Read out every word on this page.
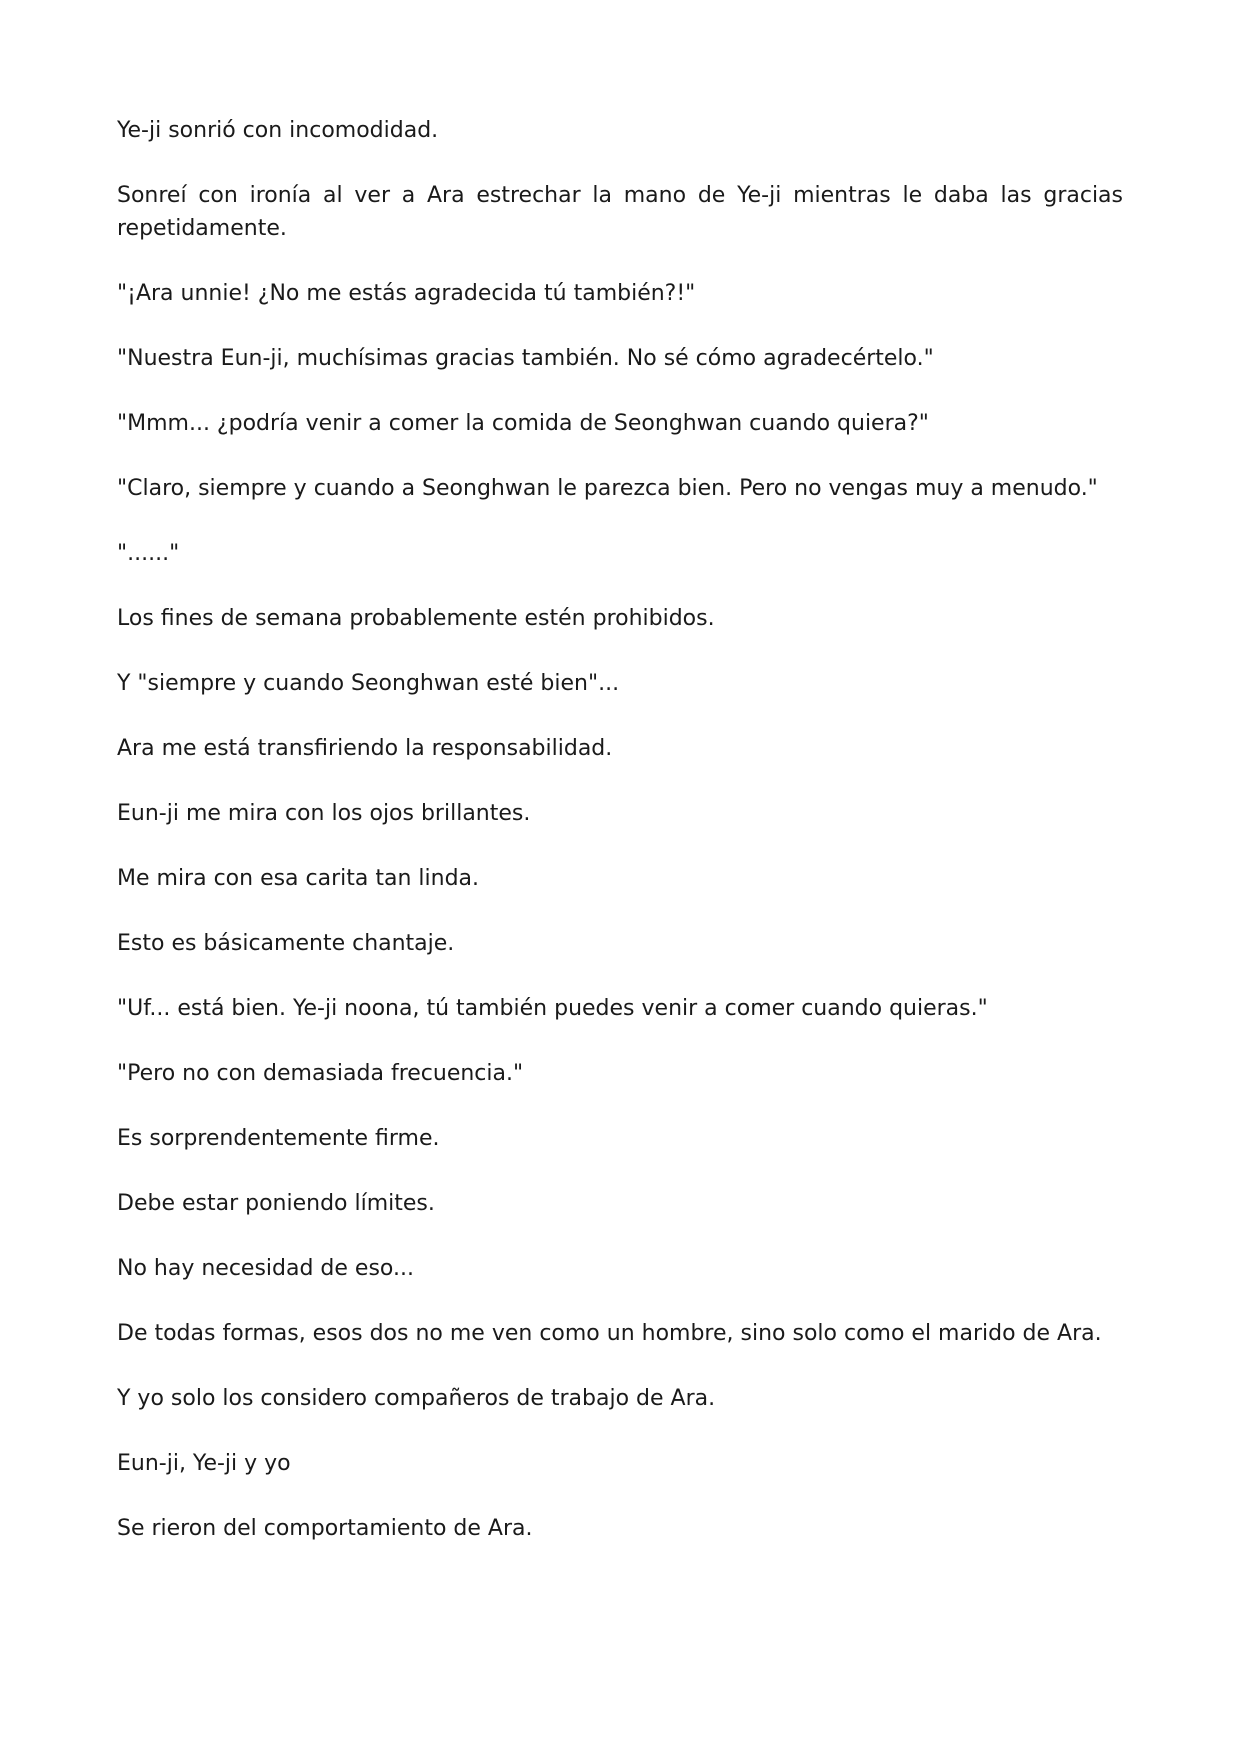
Ye-ji sonrió con incomodidad.

Sonreí con ironía al ver a Ara estrechar la mano de Ye-ji mientras le daba las gracias repetidamente.

"¡Ara unnie! ¿No me estás agradecida tú también?!"

"Nuestra Eun-ji, muchísimas gracias también. No sé cómo agradecértelo."

"Mmm... ¿podría venir a comer la comida de Seonghwan cuando quiera?"

"Claro, siempre y cuando a Seonghwan le parezca bien. Pero no vengas muy a menudo."

"......"

Los fines de semana probablemente estén prohibidos.

Y "siempre y cuando Seonghwan esté bien"...

Ara me está transfiriendo la responsabilidad.

Eun-ji me mira con los ojos brillantes.

Me mira con esa carita tan linda.

Esto es básicamente chantaje.

"Uf... está bien. Ye-ji noona, tú también puedes venir a comer cuando quieras."

"Pero no con demasiada frecuencia."

Es sorprendentemente firme.

Debe estar poniendo límites.

No hay necesidad de eso...

De todas formas, esos dos no me ven como un hombre, sino solo como el marido de Ara.

Y yo solo los considero compañeros de trabajo de Ara.

Eun-ji, Ye-ji y yo

Se rieron del comportamiento de Ara.
